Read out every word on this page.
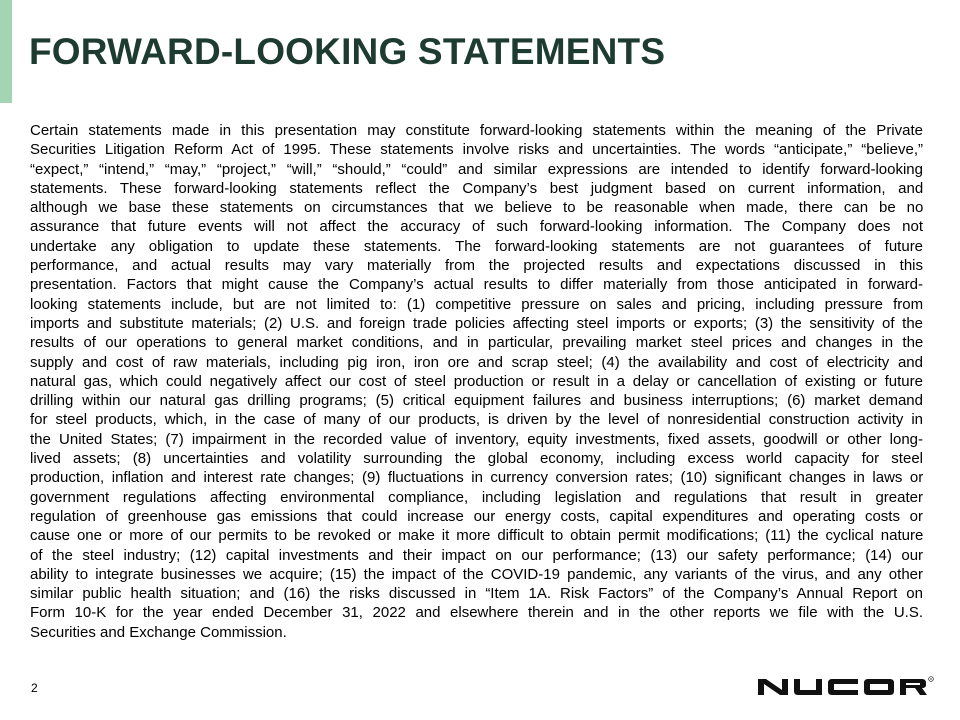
FORWARD-LOOKING STATEMENTS
Certain statements made in this presentation may constitute forward-looking statements within the meaning of the Private
Securities Litigation Reform Act of 1995. These statements involve risks and uncertainties. The words “anticipate,” “believe,”
“expect,” “intend,” “may,” “project,” “will,” “should,” “could” and similar expressions are intended to identify forward-looking
statements. These forward-looking statements reflect the Company’s best judgment based on current information, and
although we base these statements on circumstances that we believe to be reasonable when made, there can be no
assurance that future events will not affect the accuracy of such forward-looking information. The Company does not
undertake any obligation to update these statements. The forward-looking statements are not guarantees of future
performance, and actual results may vary materially from the projected results and expectations discussed in this
presentation. Factors that might cause the Company’s actual results to differ materially from those anticipated in forward-
looking statements include, but are not limited to: (1) competitive pressure on sales and pricing, including pressure from
imports and substitute materials; (2) U.S. and foreign trade policies affecting steel imports or exports; (3) the sensitivity of the
results of our operations to general market conditions, and in particular, prevailing market steel prices and changes in the
supply and cost of raw materials, including pig iron, iron ore and scrap steel; (4) the availability and cost of electricity and
natural gas, which could negatively affect our cost of steel production or result in a delay or cancellation of existing or future
drilling within our natural gas drilling programs; (5) critical equipment failures and business interruptions; (6) market demand
for steel products, which, in the case of many of our products, is driven by the level of nonresidential construction activity in
the United States; (7) impairment in the recorded value of inventory, equity investments, fixed assets, goodwill or other long-
lived assets; (8) uncertainties and volatility surrounding the global economy, including excess world capacity for steel
production, inflation and interest rate changes; (9) fluctuations in currency conversion rates; (10) significant changes in laws or
government regulations affecting environmental compliance, including legislation and regulations that result in greater
regulation of greenhouse gas emissions that could increase our energy costs, capital expenditures and operating costs or
cause one or more of our permits to be revoked or make it more difficult to obtain permit modifications; (11) the cyclical nature
of the steel industry; (12) capital investments and their impact on our performance; (13) our safety performance; (14) our
ability to integrate businesses we acquire; (15) the impact of the COVID-19 pandemic, any variants of the virus, and any other
similar public health situation; and (16) the risks discussed in “Item 1A. Risk Factors” of the Company’s Annual Report on
Form 10-K for the year ended December 31, 2022 and elsewhere therein and in the other reports we file with the U.S.
Securities and Exchange Commission.
2
R
